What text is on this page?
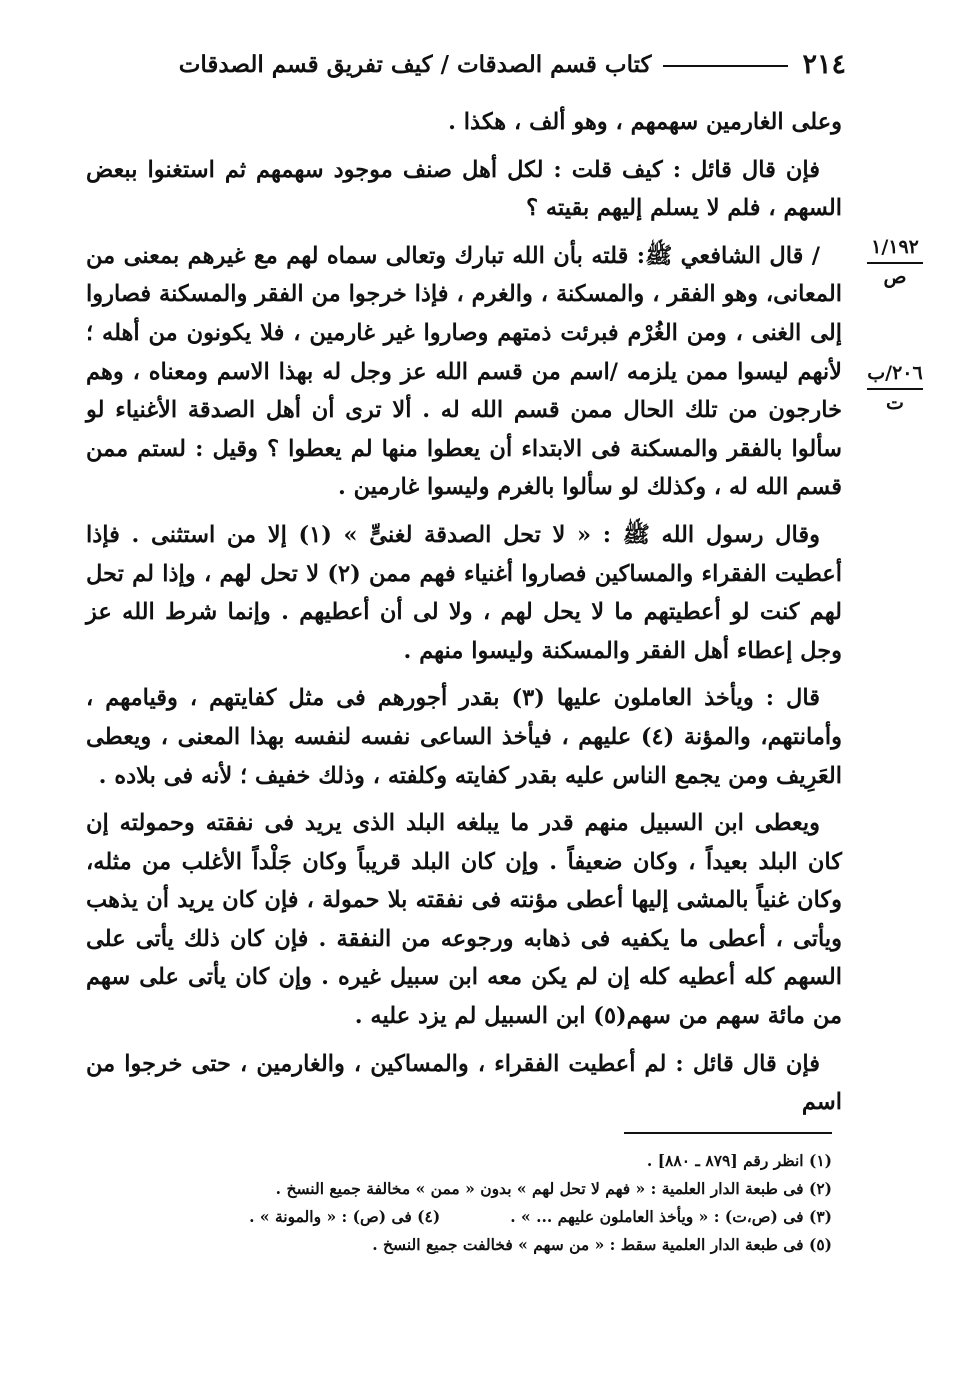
٢١٤
كتاب قسم الصدقات / كيف تفريق قسم الصدقات
١/١٩٢
ص
٢٠٦/ب
ت

وعلى الغارمين سهمهم ، وهو ألف ، هكذا .

فإن قال قائل : كيف قلت : لكل أهل صنف موجود سهمهم ثم استغنوا ببعض السهم ، فلم لا يسلم إليهم بقيته ؟

/ قال الشافعي ﷺ: قلته بأن الله تبارك وتعالى سماه لهم مع غيرهم بمعنى من المعانى، وهو الفقر ، والمسكنة ، والغرم ، فإذا خرجوا من الفقر والمسكنة فصاروا إلى الغنى ، ومن الغُرْم فبرئت ذمتهم وصاروا غير غارمين ، فلا يكونون من أهله ؛ لأنهم ليسوا ممن يلزمه /اسم من قسم الله عز وجل له بهذا الاسم ومعناه ، وهم خارجون من تلك الحال ممن قسم الله له . ألا ترى أن أهل الصدقة الأغنياء لو سألوا بالفقر والمسكنة فى الابتداء أن يعطوا منها لم يعطوا ؟ وقيل : لستم ممن قسم الله له ، وكذلك لو سألوا بالغرم وليسوا غارمين .

وقال رسول الله ﷺ : « لا تحل الصدقة لغنىٍّ » (١) إلا من استثنى . فإذا أعطيت الفقراء والمساكين فصاروا أغنياء فهم ممن (٢) لا تحل لهم ، وإذا لم تحل لهم كنت لو أعطيتهم ما لا يحل لهم ، ولا لى أن أعطيهم . وإنما شرط الله عز وجل إعطاء أهل الفقر والمسكنة وليسوا منهم .

قال : ويأخذ العاملون عليها (٣) بقدر أجورهم فى مثل كفايتهم ، وقيامهم ، وأمانتهم، والمؤنة (٤) عليهم ، فيأخذ الساعى نفسه لنفسه بهذا المعنى ، ويعطى العَرِيف ومن يجمع الناس عليه بقدر كفايته وكلفته ، وذلك خفيف ؛ لأنه فى بلاده .

ويعطى ابن السبيل منهم قدر ما يبلغه البلد الذى يريد فى نفقته وحمولته إن كان البلد بعيداً ، وكان ضعيفاً . وإن كان البلد قريباً وكان جَلْداً الأغلب من مثله، وكان غنياً بالمشى إليها أعطى مؤنته فى نفقته بلا حمولة ، فإن كان يريد أن يذهب ويأتى ، أعطى ما يكفيه فى ذهابه ورجوعه من النفقة . فإن كان ذلك يأتى على السهم كله أعطيه كله إن لم يكن معه ابن سبيل غيره . وإن كان يأتى على سهم من مائة سهم من سهم(٥) ابن السبيل لم يزد عليه .

فإن قال قائل : لم أعطيت الفقراء ، والمساكين ، والغارمين ، حتى خرجوا من اسم

(١) انظر رقم [٨٧٩ ـ ٨٨٠] .
(٢) فى طبعة الدار العلمية : « فهم لا تحل لهم » بدون « ممن » مخالفة جميع النسخ .
(٣) فى (ص،ت) : « ويأخذ العاملون عليهم ... » .
(٤) فى (ص) : « والمونة » .
(٥) فى طبعة الدار العلمية سقط : « من سهم » فخالفت جميع النسخ .
